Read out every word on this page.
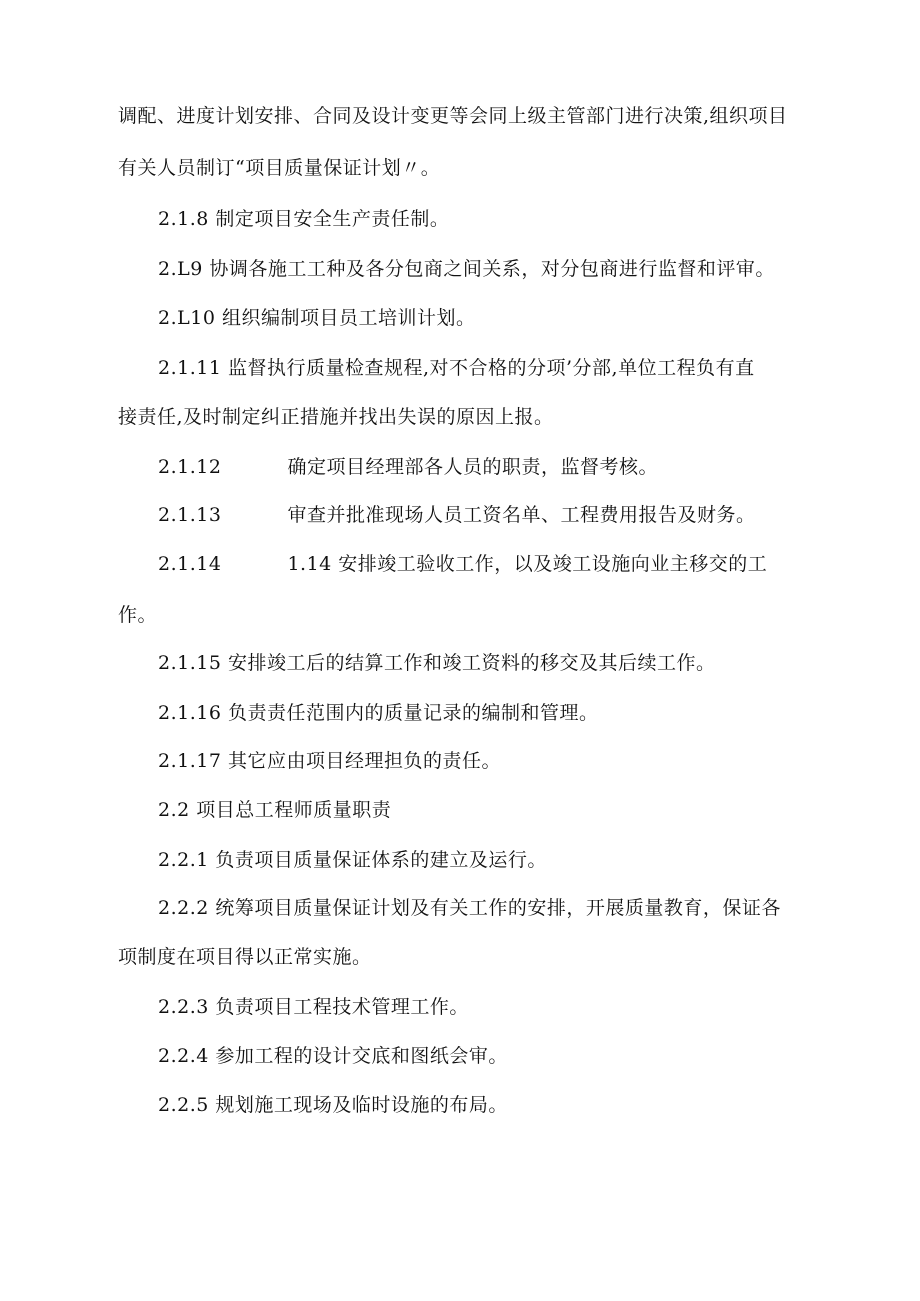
调配、进度计划安排、合同及设计变更等会同上级主管部门进行决策,组织项目
有关人员制订“项目质量保证计划〃。
2.1.8 制定项目安全生产责任制。
2.L9 协调各施工工种及各分包商之间关系，对分包商进行监督和评审。
2.L10 组织编制项目员工培训计划。
2.1.11 监督执行质量检查规程,对不合格的分项’分部,单位工程负有直
接责任,及时制定纠正措施并找出失误的原因上报。
2.1.12	确定项目经理部各人员的职责，监督考核。
2.1.13	审查并批准现场人员工资名单、工程费用报告及财务。
2.1.14	1.14 安排竣工验收工作，以及竣工设施向业主移交的工
作。
2.1.15 安排竣工后的结算工作和竣工资料的移交及其后续工作。
2.1.16 负责责任范围内的质量记录的编制和管理。
2.1.17 其它应由项目经理担负的责任。
2.2 项目总工程师质量职责
2.2.1 负责项目质量保证体系的建立及运行。
2.2.2 统筹项目质量保证计划及有关工作的安排，开展质量教育，保证各
项制度在项目得以正常实施。
2.2.3 负责项目工程技术管理工作。
2.2.4 参加工程的设计交底和图纸会审。
2.2.5 规划施工现场及临时设施的布局。
